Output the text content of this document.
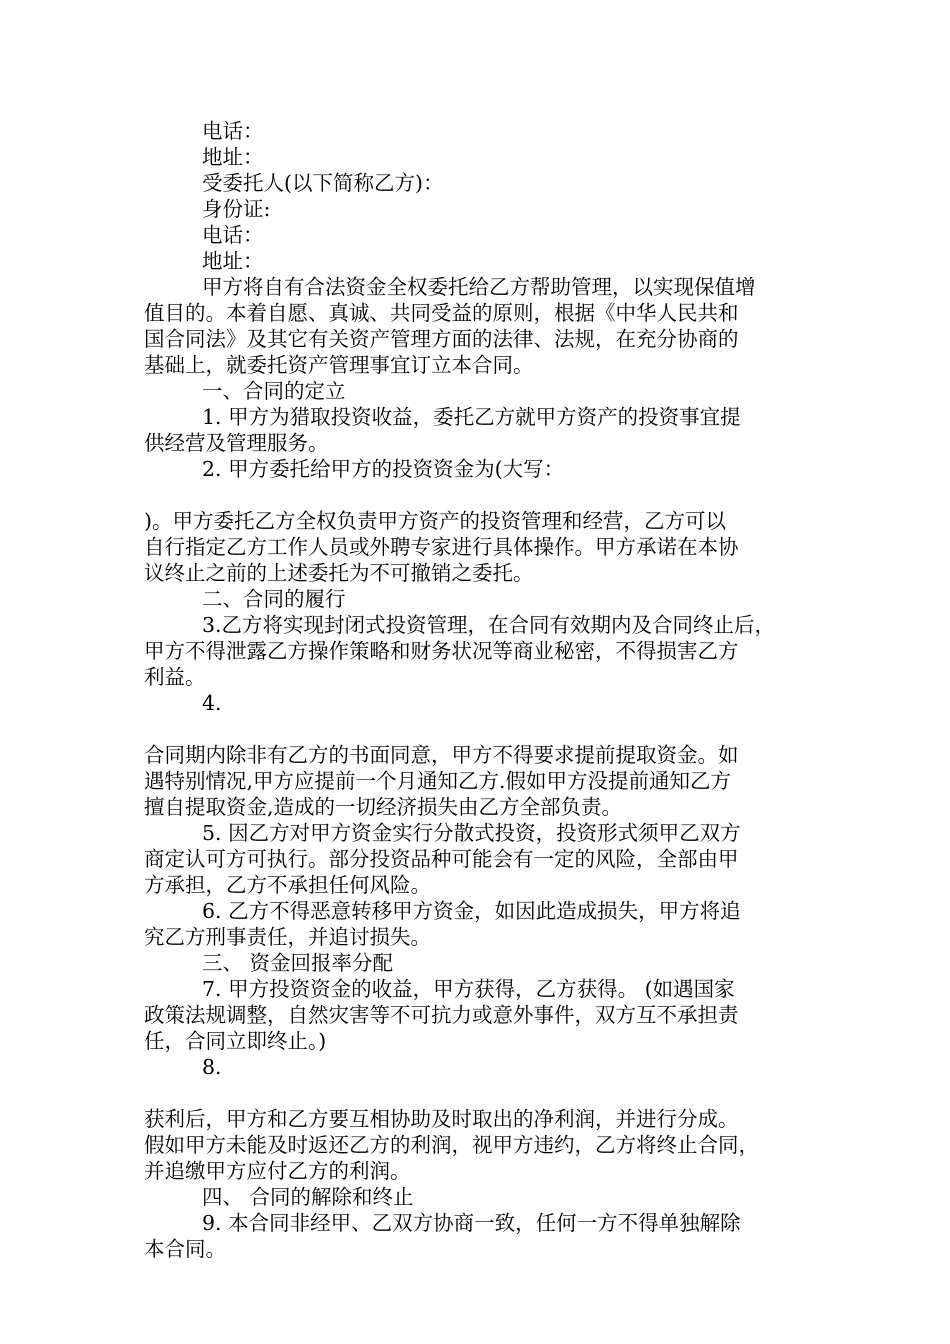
电话：
地址：
受委托人(以下简称乙方)：
身份证:
电话：
地址：
甲方将自有合法资金全权委托给乙方帮助管理，以实现保值增
值目的。本着自愿、真诚、共同受益的原则，根据《中华人民共和
国合同法》及其它有关资产管理方面的法律、法规，在充分协商的
基础上，就委托资产管理事宜订立本合同。
一、合同的定立
1. 甲方为猎取投资收益，委托乙方就甲方资产的投资事宜提
供经营及管理服务。
2. 甲方委托给甲方的投资资金为(大写：
)。甲方委托乙方全权负责甲方资产的投资管理和经营，乙方可以
自行指定乙方工作人员或外聘专家进行具体操作。甲方承诺在本协
议终止之前的上述委托为不可撤销之委托。
二、合同的履行
3.乙方将实现封闭式投资管理，在合同有效期内及合同终止后，
甲方不得泄露乙方操作策略和财务状况等商业秘密，不得损害乙方
利益。
4.
合同期内除非有乙方的书面同意，甲方不得要求提前提取资金。如
遇特别情况,甲方应提前一个月通知乙方.假如甲方没提前通知乙方
擅自提取资金,造成的一切经济损失由乙方全部负责。
5. 因乙方对甲方资金实行分散式投资，投资形式须甲乙双方
商定认可方可执行。部分投资品种可能会有一定的风险，全部由甲
方承担，乙方不承担任何风险。
6. 乙方不得恶意转移甲方资金，如因此造成损失，甲方将追
究乙方刑事责任，并追讨损失。
三、 资金回报率分配
7. 甲方投资资金的收益，甲方获得，乙方获得。 (如遇国家
政策法规调整，自然灾害等不可抗力或意外事件，双方互不承担责
任，合同立即终止。)
8.
获利后，甲方和乙方要互相协助及时取出的净利润，并进行分成。
假如甲方未能及时返还乙方的利润，视甲方违约，乙方将终止合同，
并追缴甲方应付乙方的利润。
四、 合同的解除和终止
9. 本合同非经甲、乙双方协商一致，任何一方不得单独解除
本合同。
